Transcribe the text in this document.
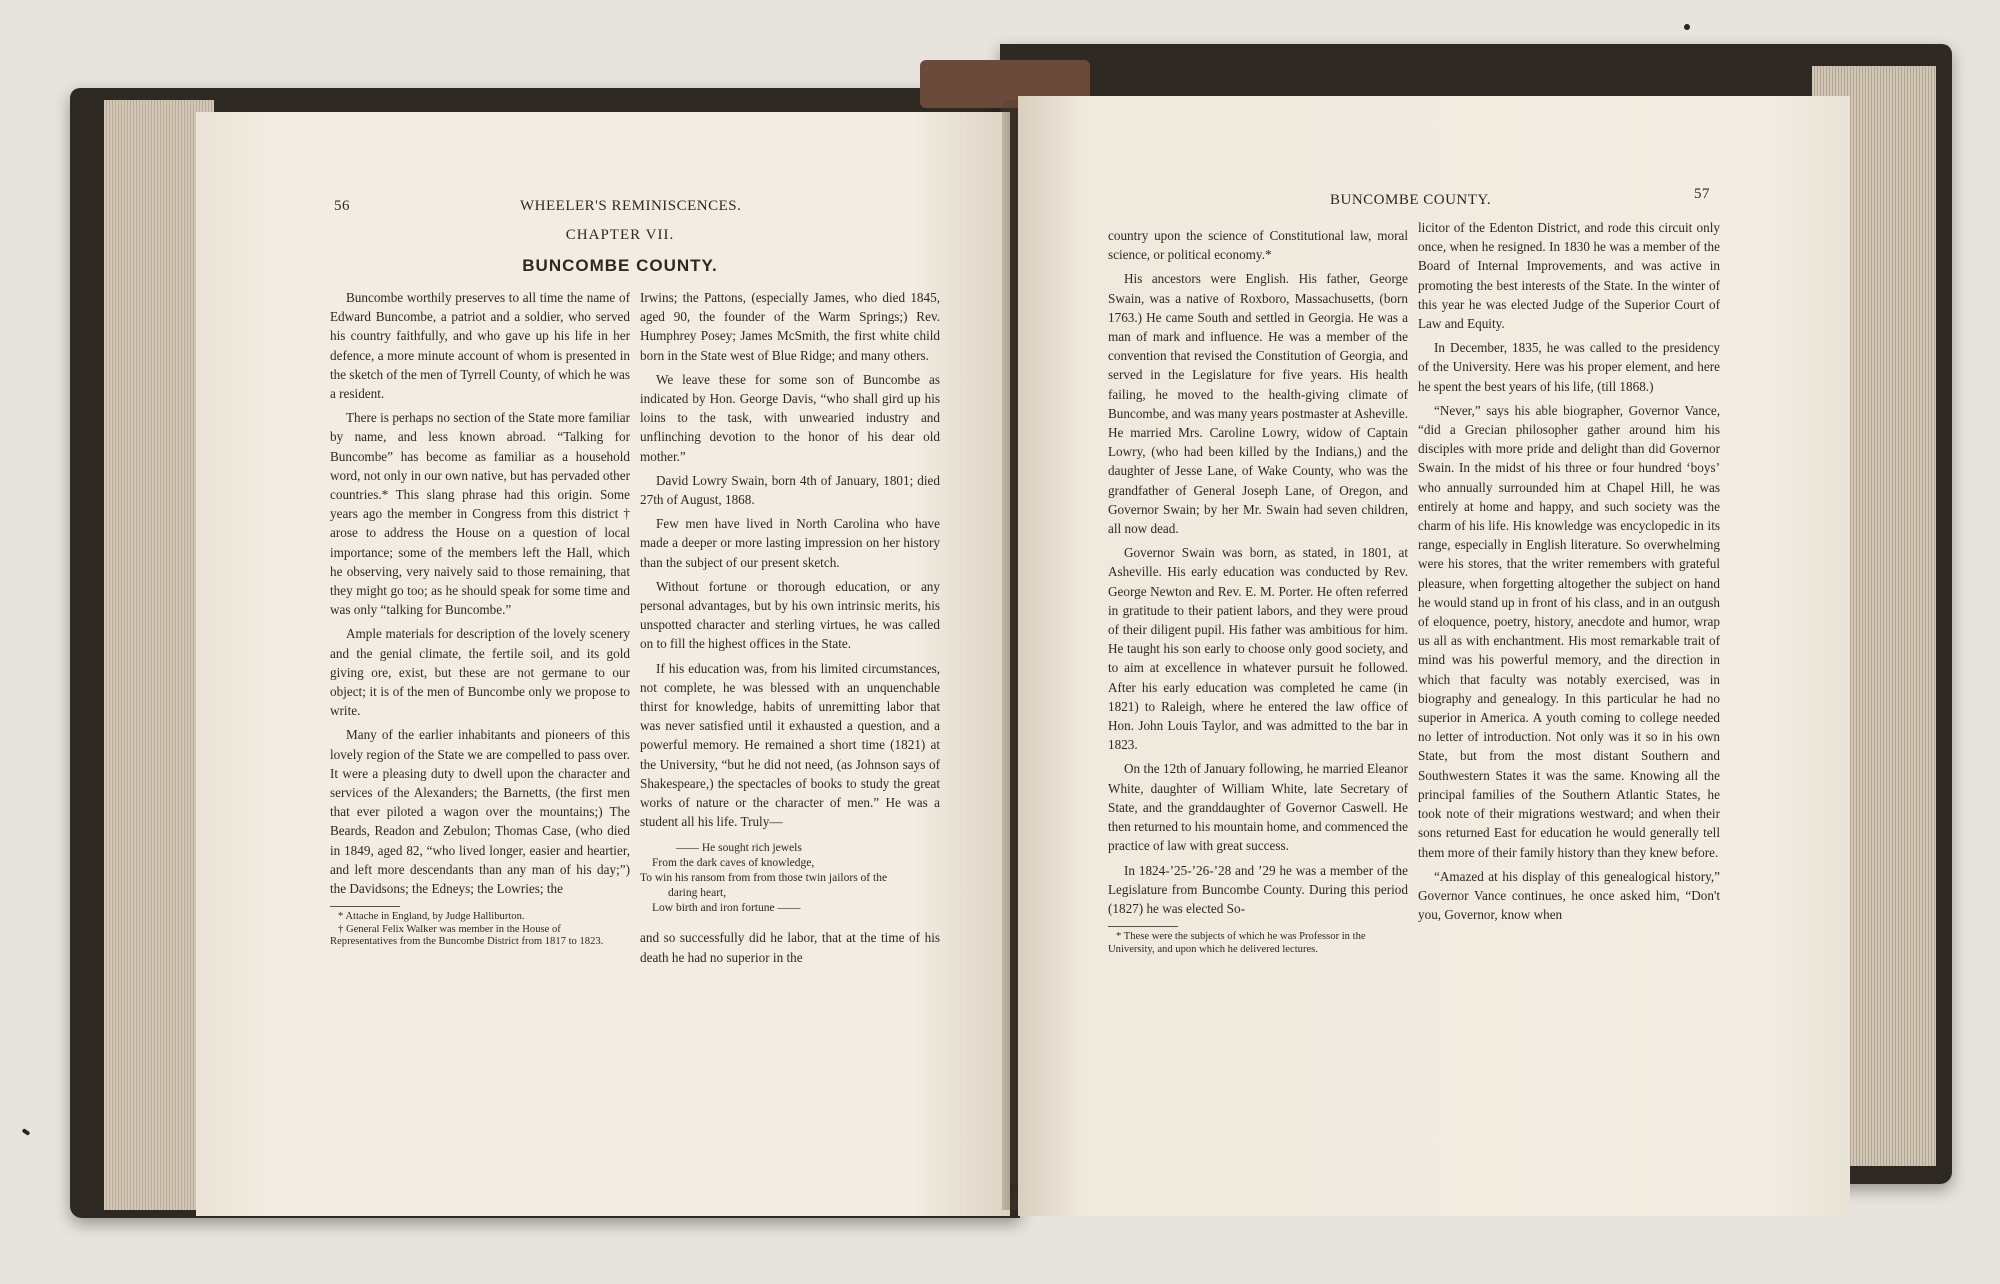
56	WHEELER'S REMINISCENCES.
CHAPTER VII.
BUNCOMBE COUNTY.

Buncombe worthily preserves to all time the name of Edward Buncombe, a patriot and a soldier, who served his country faithfully, and who gave up his life in her defence, a more minute account of whom is presented in the sketch of the men of Tyrrell County, of which he was a resident.

There is perhaps no section of the State more familiar by name, and less known abroad. “Talking for Buncombe” has become as familiar as a household word, not only in our own native, but has pervaded other countries.* This slang phrase had this origin. Some years ago the member in Congress from this district † arose to address the House on a question of local importance; some of the members left the Hall, which he observing, very naively said to those remaining, that they might go too; as he should speak for some time and was only “talking for Buncombe.”

Ample materials for description of the lovely scenery and the genial climate, the fertile soil, and its gold giving ore, exist, but these are not germane to our object; it is of the men of Buncombe only we propose to write.

Many of the earlier inhabitants and pioneers of this lovely region of the State we are compelled to pass over. It were a pleasing duty to dwell upon the character and services of the Alexanders; the Barnetts, (the first men that ever piloted a wagon over the mountains;) The Beards, Readon and Zebulon; Thomas Case, (who died in 1849, aged 82, “who lived longer, easier and heartier, and left more descendants than any man of his day;”) the Davidsons; the Edneys; the Lowries; the

* Attache in England, by Judge Halliburton.
† General Felix Walker was member in the House of Representatives from the Buncombe District from 1817 to 1823.

Irwins; the Pattons, (especially James, who died 1845, aged 90, the founder of the Warm Springs;) Rev. Humphrey Posey; James McSmith, the first white child born in the State west of Blue Ridge; and many others.

We leave these for some son of Buncombe as indicated by Hon. George Davis, “who shall gird up his loins to the task, with unwearied industry and unflinching devotion to the honor of his dear old mother.”

David Lowry Swain, born 4th of January, 1801; died 27th of August, 1868.

Few men have lived in North Carolina who have made a deeper or more lasting impression on her history than the subject of our present sketch.

Without fortune or thorough education, or any personal advantages, but by his own intrinsic merits, his unspotted character and sterling virtues, he was called on to fill the highest offices in the State.

If his education was, from his limited circumstances, not complete, he was blessed with an unquenchable thirst for knowledge, habits of unremitting labor that was never satisfied until it exhausted a question, and a powerful memory. He remained a short time (1821) at the University, “but he did not need, (as Johnson says of Shakespeare,) the spectacles of books to study the great works of nature or the character of men.” He was a student all his life. Truly—

—— He sought rich jewels
From the dark caves of knowledge,
To win his ransom from from those twin jailors of the
daring heart,
Low birth and iron fortune ——

and so successfully did he labor, that at the time of his death he had no superior in the

BUNCOMBE COUNTY.	57

country upon the science of Constitutional law, moral science, or political economy.*

His ancestors were English. His father, George Swain, was a native of Roxboro, Massachusetts, (born 1763.) He came South and settled in Georgia. He was a man of mark and influence. He was a member of the convention that revised the Constitution of Georgia, and served in the Legislature for five years. His health failing, he moved to the health-giving climate of Buncombe, and was many years postmaster at Asheville. He married Mrs. Caroline Lowry, widow of Captain Lowry, (who had been killed by the Indians,) and the daughter of Jesse Lane, of Wake County, who was the grandfather of General Joseph Lane, of Oregon, and Governor Swain; by her Mr. Swain had seven children, all now dead.

Governor Swain was born, as stated, in 1801, at Asheville. His early education was conducted by Rev. George Newton and Rev. E. M. Porter. He often referred in gratitude to their patient labors, and they were proud of their diligent pupil. His father was ambitious for him. He taught his son early to choose only good society, and to aim at excellence in whatever pursuit he followed. After his early education was completed he came (in 1821) to Raleigh, where he entered the law office of Hon. John Louis Taylor, and was admitted to the bar in 1823.

On the 12th of January following, he married Eleanor White, daughter of William White, late Secretary of State, and the granddaughter of Governor Caswell. He then returned to his mountain home, and commenced the practice of law with great success.

In 1824-’25-’26-’28 and ’29 he was a member of the Legislature from Buncombe County. During this period (1827) he was elected So-

* These were the subjects of which he was Professor in the University, and upon which he delivered lectures.

licitor of the Edenton District, and rode this circuit only once, when he resigned. In 1830 he was a member of the Board of Internal Improvements, and was active in promoting the best interests of the State. In the winter of this year he was elected Judge of the Superior Court of Law and Equity.

In December, 1835, he was called to the presidency of the University. Here was his proper element, and here he spent the best years of his life, (till 1868.)

“Never,” says his able biographer, Governor Vance, “did a Grecian philosopher gather around him his disciples with more pride and delight than did Governor Swain. In the midst of his three or four hundred ‘boys’ who annually surrounded him at Chapel Hill, he was entirely at home and happy, and such society was the charm of his life. His knowledge was encyclopedic in its range, especially in English literature. So overwhelming were his stores, that the writer remembers with grateful pleasure, when forgetting altogether the subject on hand he would stand up in front of his class, and in an outgush of eloquence, poetry, history, anecdote and humor, wrap us all as with enchantment. His most remarkable trait of mind was his powerful memory, and the direction in which that faculty was notably exercised, was in biography and genealogy. In this particular he had no superior in America. A youth coming to college needed no letter of introduction. Not only was it so in his own State, but from the most distant Southern and Southwestern States it was the same. Knowing all the principal families of the Southern Atlantic States, he took note of their migrations westward; and when their sons returned East for education he would generally tell them more of their family history than they knew before.

“Amazed at his display of this genealogical history,” Governor Vance continues, he once asked him, “Don't you, Governor, know when
